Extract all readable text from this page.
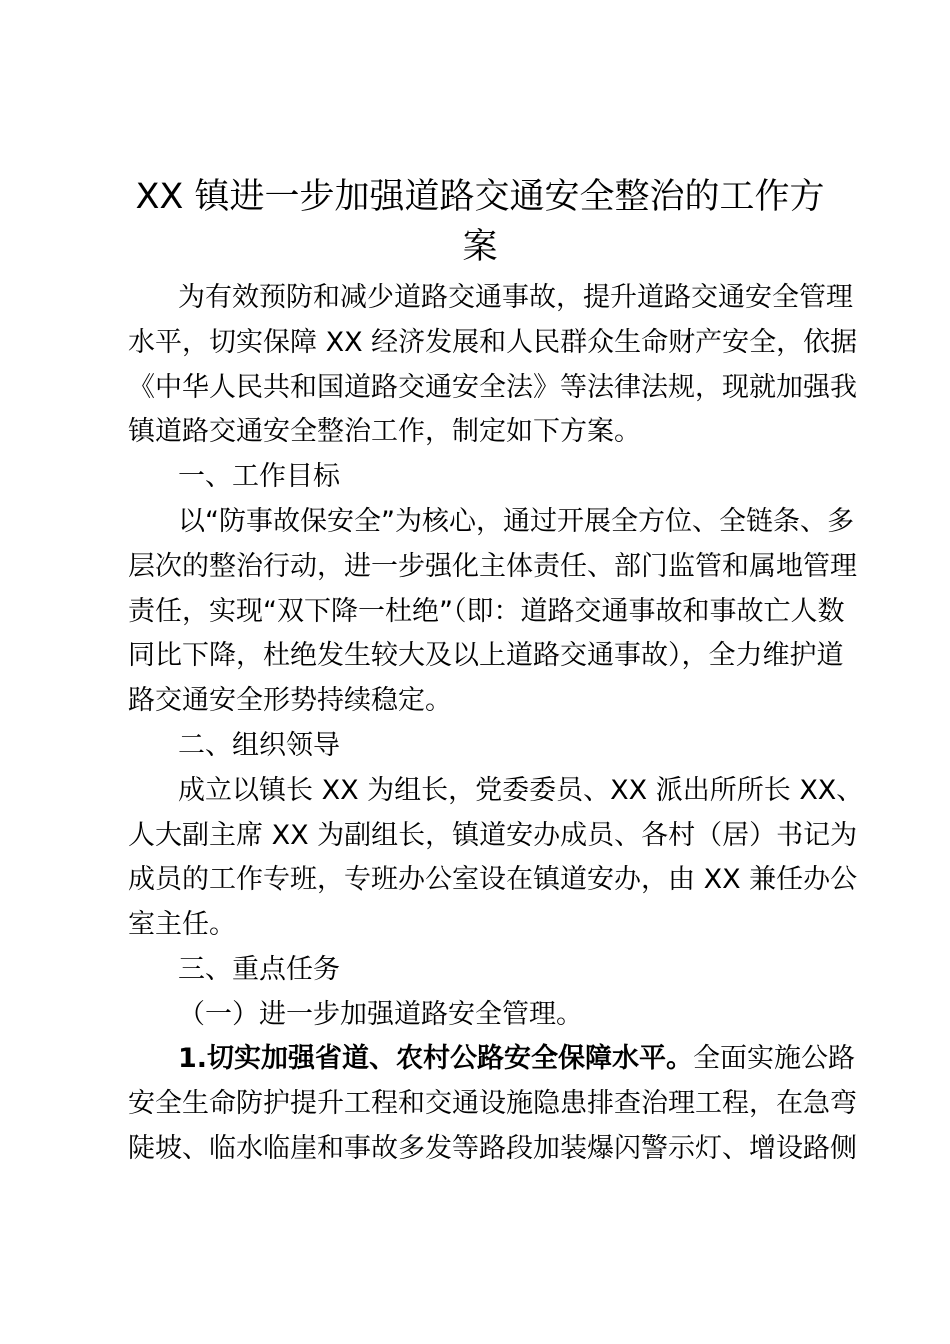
XX 镇进一步加强道路交通安全整治的工作方
案
为有效预防和减少道路交通事故，提升道路交通安全管理
水平，切实保障 XX 经济发展和人民群众生命财产安全，依据
《中华人民共和国道路交通安全法》等法律法规，现就加强我
镇道路交通安全整治工作，制定如下方案。
一、工作目标
以“防事故保安全”为核心，通过开展全方位、全链条、多
层次的整治行动，进一步强化主体责任、部门监管和属地管理
责任，实现“双下降一杜绝”（即：道路交通事故和事故亡人数
同比下降，杜绝发生较大及以上道路交通事故），全力维护道
路交通安全形势持续稳定。
二、组织领导
成立以镇长 XX 为组长，党委委员、XX 派出所所长 XX、
人大副主席 XX 为副组长，镇道安办成员、各村（居）书记为
成员的工作专班，专班办公室设在镇道安办，由 XX 兼任办公
室主任。
三、重点任务
（一）进一步加强道路安全管理。
1.切实加强省道、农村公路安全保障水平。全面实施公路
安全生命防护提升工程和交通设施隐患排查治理工程，在急弯
陡坡、临水临崖和事故多发等路段加装爆闪警示灯、增设路侧
